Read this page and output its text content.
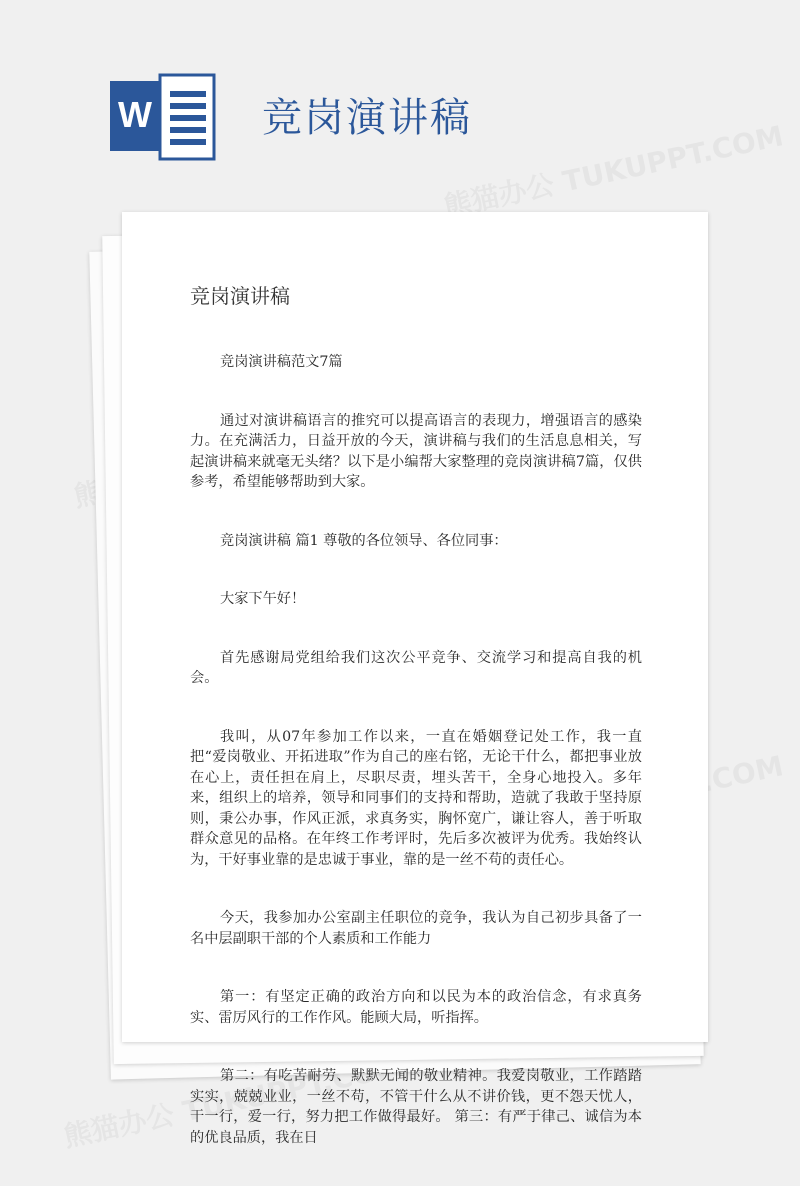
W	竞岗演讲稿
竞岗演讲稿

竞岗演讲稿范文7篇

通过对演讲稿语言的推究可以提高语言的表现力，增强语言的感染力。在充满活力，日益开放的今天，演讲稿与我们的生活息息相关，写起演讲稿来就毫无头绪？以下是小编帮大家整理的竞岗演讲稿7篇，仅供参考，希望能够帮助到大家。

竞岗演讲稿 篇1 尊敬的各位领导、各位同事：

大家下午好！

首先感谢局党组给我们这次公平竞争、交流学习和提高自我的机会。

我叫，从07年参加工作以来，一直在婚姻登记处工作，我一直把“爱岗敬业、开拓进取”作为自己的座右铭，无论干什么，都把事业放在心上，责任担在肩上，尽职尽责，埋头苦干，全身心地投入。多年来，组织上的培养，领导和同事们的支持和帮助，造就了我敢于坚持原则，秉公办事，作风正派，求真务实，胸怀宽广，谦让容人，善于听取群众意见的品格。在年终工作考评时，先后多次被评为优秀。我始终认为，干好事业靠的是忠诚于事业，靠的是一丝不苟的责任心。

今天，我参加办公室副主任职位的竞争，我认为自己初步具备了一名中层副职干部的个人素质和工作能力

第一：有坚定正确的政治方向和以民为本的政治信念，有求真务实、雷厉风行的工作作风。能顾大局，听指挥。

第二：有吃苦耐劳、默默无闻的敬业精神。我爱岗敬业，工作踏踏实实，兢兢业业，一丝不苟，不管干什么从不讲价钱，更不怨天忧人，干一行，爱一行，努力把工作做得最好。 第三：有严于律己、诚信为本的优良品质，我在日
